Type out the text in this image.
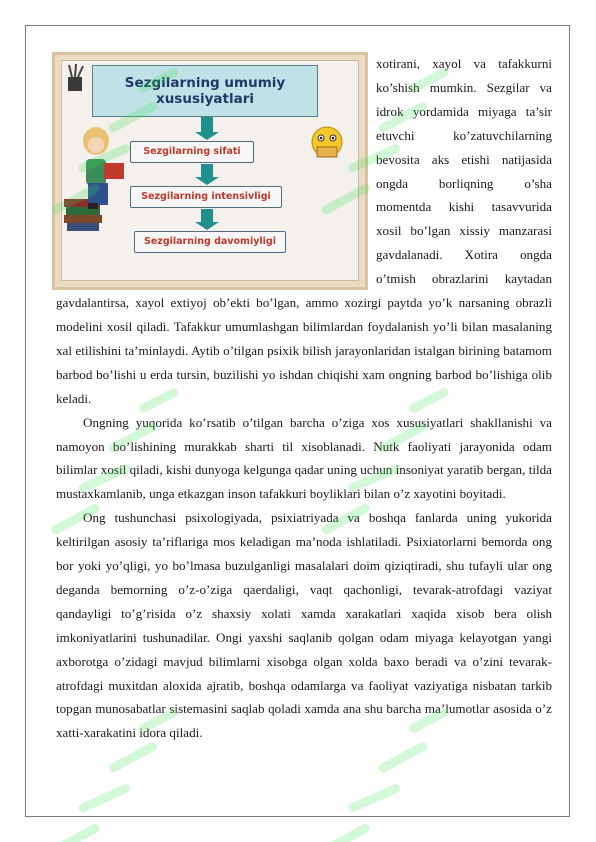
Sezgilarning umumiy
xususiyatlari
Sezgilarning sifati
Sezgilarning intensivligi
Sezgilarning davomiyligi

xotirani, xayol va tafakkurni ko’shish mumkin. Sezgilar va idrok yordamida miyaga ta’sir etuvchi ko’zatuvchilarning bevosita aks etishi natijasida ongda borliqning o’sha momentda kishi tasavvurida xosil bo’lgan xissiy manzarasi gavdalanadi. Xotira ongda o’tmish obrazlarini kaytadan gavdalantirsa, xayol extiyoj ob’ekti bo’lgan, ammo xozirgi paytda yo’k narsaning obrazli modelini xosil qiladi. Tafakkur umumlashgan bilimlardan foydalanish yo’li bilan masalaning xal etilishini ta’minlaydi. Aytib o’tilgan psixik bilish jarayonlaridan istalgan birining batamom barbod bo’lishi u erda tursin, buzilishi yo ishdan chiqishi xam ongning barbod bo’lishiga olib keladi.

Ongning yuqorida ko’rsatib o’tilgan barcha o’ziga xos xususiyatlari shakllanishi va namoyon bo’lishining murakkab sharti til xisoblanadi. Nutk faoliyati jarayonida odam bilimlar xosil qiladi, kishi dunyoga kelgunga qadar uning uchun insoniyat yaratib bergan, tilda mustaxkamlanib, unga etkazgan inson tafakkuri boyliklari bilan o’z xayotini boyitadi.

Ong tushunchasi psixologiyada, psixiatriyada va boshqa fanlarda uning yukorida keltirilgan asosiy ta’riflariga mos keladigan ma’noda ishlatiladi. Psixiatorlarni bemorda ong bor yoki yo’qligi, yo bo’lmasa buzulganligi masalalari doim qiziqtiradi, shu tufayli ular ong deganda bemorning o’z-o’ziga qaerdaligi, vaqt qachonligi, tevarak-atrofdagi vaziyat qandayligi to’g’risida o’z shaxsiy xolati xamda xarakatlari xaqida xisob bera olish imkoniyatlarini tushunadilar. Ongi yaxshi saqlanib qolgan odam miyaga kelayotgan yangi axborotga o’zidagi mavjud bilimlarni xisobga olgan xolda baxo beradi va o’zini tevarak-atrofdagi muxitdan aloxida ajratib, boshqa odamlarga va faoliyat vaziyatiga nisbatan tarkib topgan munosabatlar sistemasini saqlab qoladi xamda ana shu barcha ma’lumotlar asosida o’z xatti-xarakatini idora qiladi.
